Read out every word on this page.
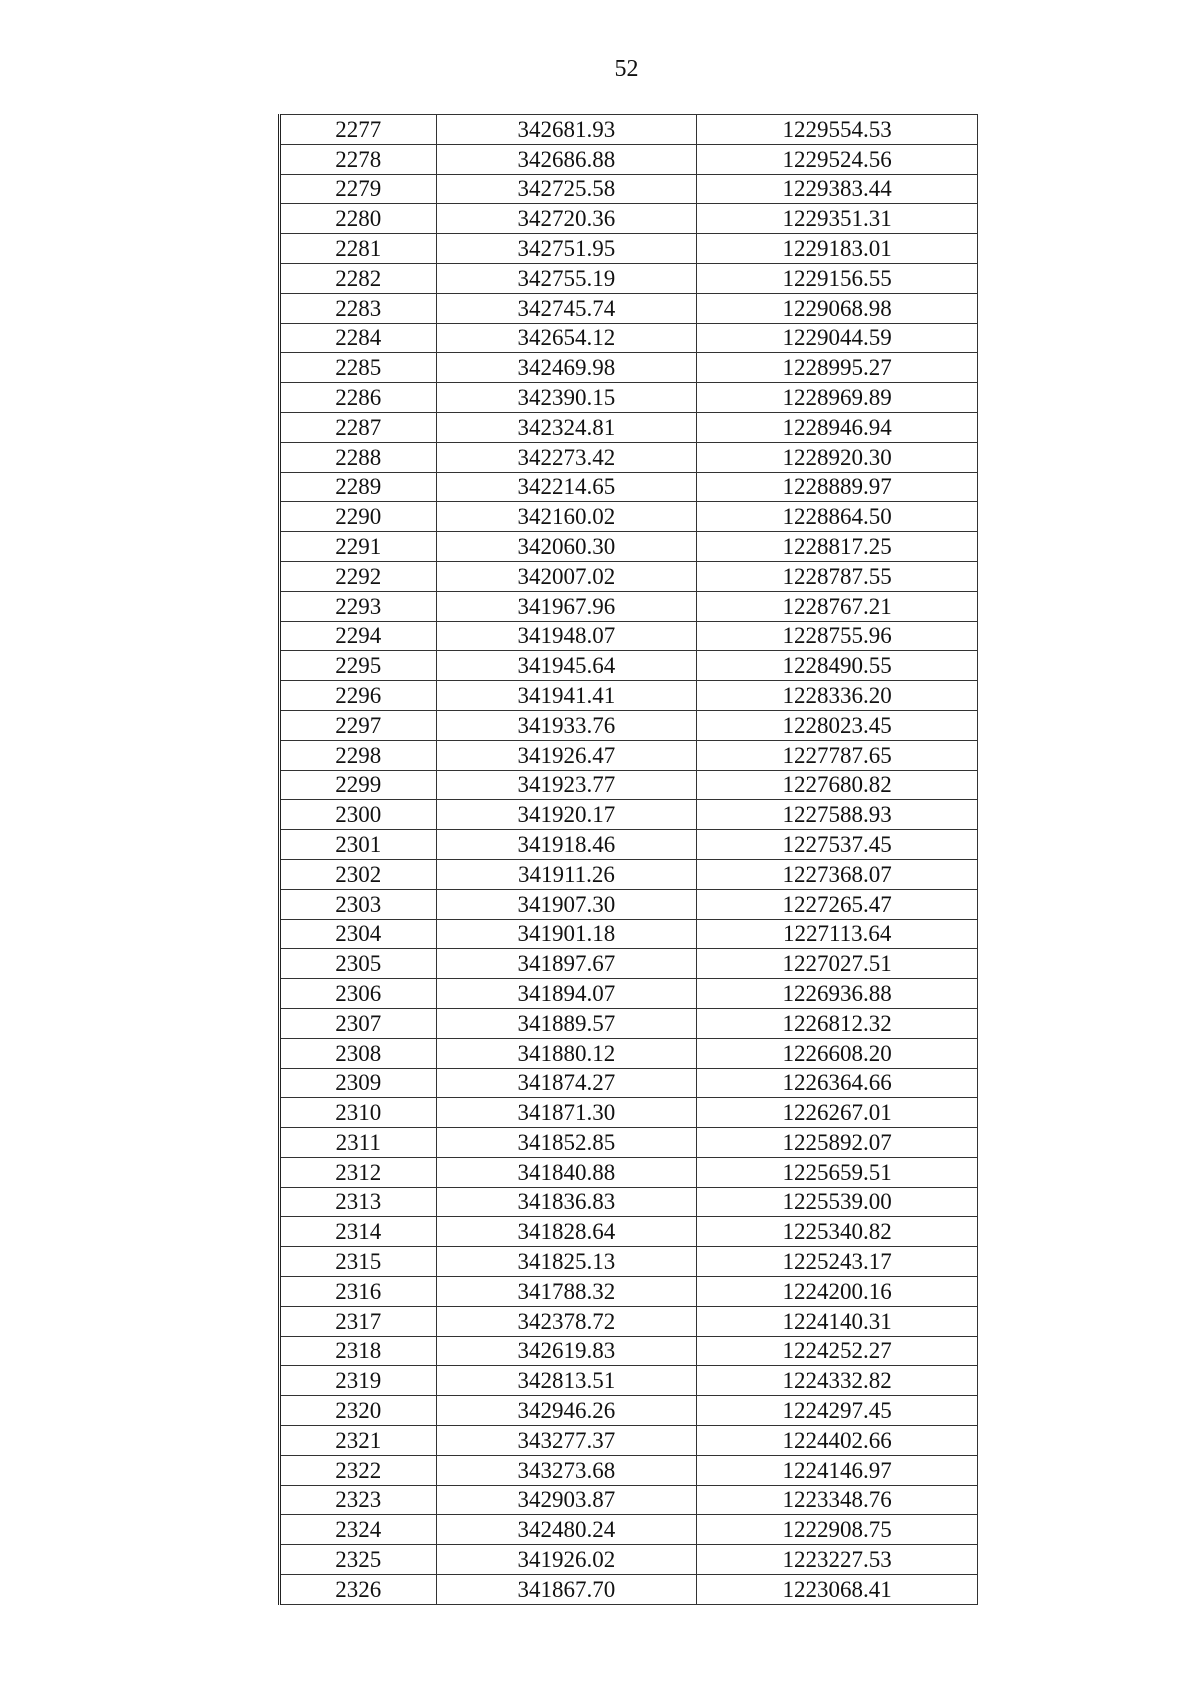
52
2277	342681.93	1229554.53
2278	342686.88	1229524.56
2279	342725.58	1229383.44
2280	342720.36	1229351.31
2281	342751.95	1229183.01
2282	342755.19	1229156.55
2283	342745.74	1229068.98
2284	342654.12	1229044.59
2285	342469.98	1228995.27
2286	342390.15	1228969.89
2287	342324.81	1228946.94
2288	342273.42	1228920.30
2289	342214.65	1228889.97
2290	342160.02	1228864.50
2291	342060.30	1228817.25
2292	342007.02	1228787.55
2293	341967.96	1228767.21
2294	341948.07	1228755.96
2295	341945.64	1228490.55
2296	341941.41	1228336.20
2297	341933.76	1228023.45
2298	341926.47	1227787.65
2299	341923.77	1227680.82
2300	341920.17	1227588.93
2301	341918.46	1227537.45
2302	341911.26	1227368.07
2303	341907.30	1227265.47
2304	341901.18	1227113.64
2305	341897.67	1227027.51
2306	341894.07	1226936.88
2307	341889.57	1226812.32
2308	341880.12	1226608.20
2309	341874.27	1226364.66
2310	341871.30	1226267.01
2311	341852.85	1225892.07
2312	341840.88	1225659.51
2313	341836.83	1225539.00
2314	341828.64	1225340.82
2315	341825.13	1225243.17
2316	341788.32	1224200.16
2317	342378.72	1224140.31
2318	342619.83	1224252.27
2319	342813.51	1224332.82
2320	342946.26	1224297.45
2321	343277.37	1224402.66
2322	343273.68	1224146.97
2323	342903.87	1223348.76
2324	342480.24	1222908.75
2325	341926.02	1223227.53
2326	341867.70	1223068.41
